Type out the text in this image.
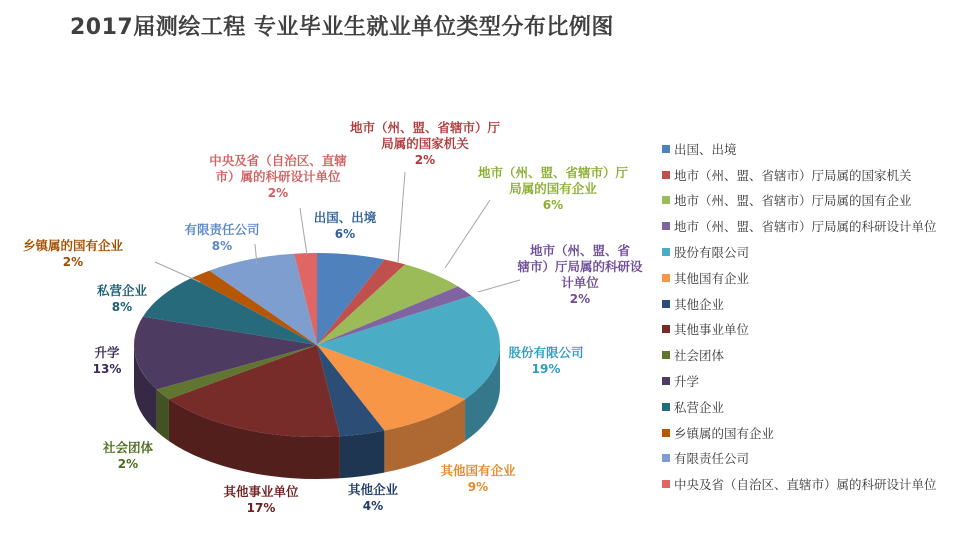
2017届测绘工程 专业毕业生就业单位类型分布比例图
出国、出境
6%
地市（州、盟、省辖市）厅
局属的国家机关
2%
地市（州、盟、省辖市）厅
局属的国有企业
6%
地市（州、盟、省
辖市）厅局属的科研设
计单位
2%
股份有限公司
19%
其他国有企业
9%
其他企业
4%
其他事业单位
17%
社会团体
2%
升学
13%
私营企业
8%
乡镇属的国有企业
2%
有限责任公司
8%
中央及省（自治区、直辖
市）属的科研设计单位
2%
出国、出境
地市（州、盟、省辖市）厅局属的国家机关
地市（州、盟、省辖市）厅局属的国有企业
地市（州、盟、省辖市）厅局属的科研设计单位
股份有限公司
其他国有企业
其他企业
其他事业单位
社会团体
升学
私营企业
乡镇属的国有企业
有限责任公司
中央及省（自治区、直辖市）属的科研设计单位
